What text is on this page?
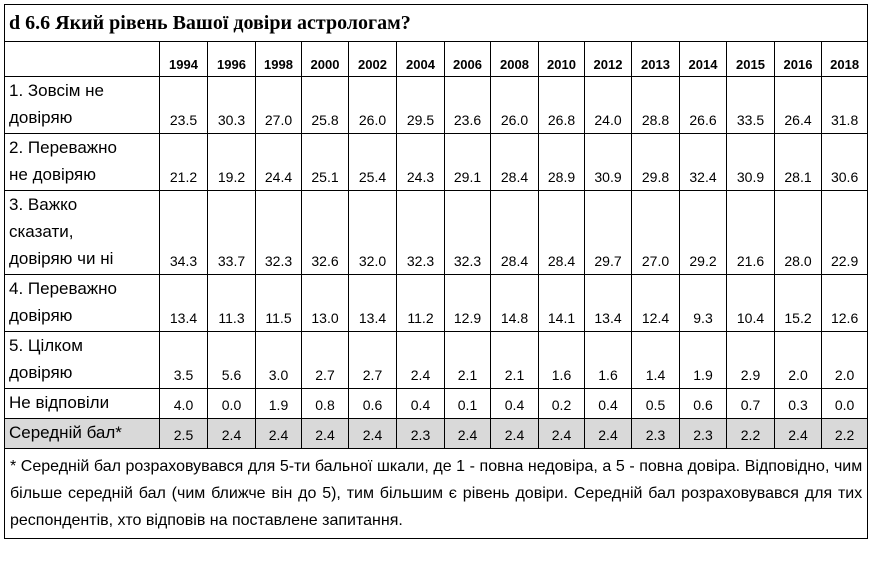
d 6.6 Який рівень Вашої довіри астрологам?															
	1994	1996	1998	2000	2002	2004	2006	2008	2010	2012	2013	2014	2015	2016	2018

1. Зовсім не
довіряю	23.5	30.3	27.0	25.8	26.0	29.5	23.6	26.0	26.8	24.0	28.8	26.6	33.5	26.4	31.8

2. Переважно
не довіряю	21.2	19.2	24.4	25.1	25.4	24.3	29.1	28.4	28.9	30.9	29.8	32.4	30.9	28.1	30.6

3. Важко
сказати,
довіряю чи ні	34.3	33.7	32.3	32.6	32.0	32.3	32.3	28.4	28.4	29.7	27.0	29.2	21.6	28.0	22.9

4. Переважно
довіряю	13.4	11.3	11.5	13.0	13.4	11.2	12.9	14.8	14.1	13.4	12.4	9.3	10.4	15.2	12.6

5. Цілком
довіряю	3.5	5.6	3.0	2.7	2.7	2.4	2.1	2.1	1.6	1.6	1.4	1.9	2.9	2.0	2.0

Не відповіли	4.0	0.0	1.9	0.8	0.6	0.4	0.1	0.4	0.2	0.4	0.5	0.6	0.7	0.3	0.0

Середній бал*	2.5	2.4	2.4	2.4	2.4	2.3	2.4	2.4	2.4	2.4	2.3	2.3	2.2	2.4	2.2
* Середній бал розраховувався для 5-ти бальної шкали, де 1 - повна недовіра, а 5 - повна довіра. Відповідно, чим більше середній бал (чим ближче він до 5), тим більшим є рівень довіри. Середній бал розраховувався для тих респондентів, хто відповів на поставлене запитання.															
